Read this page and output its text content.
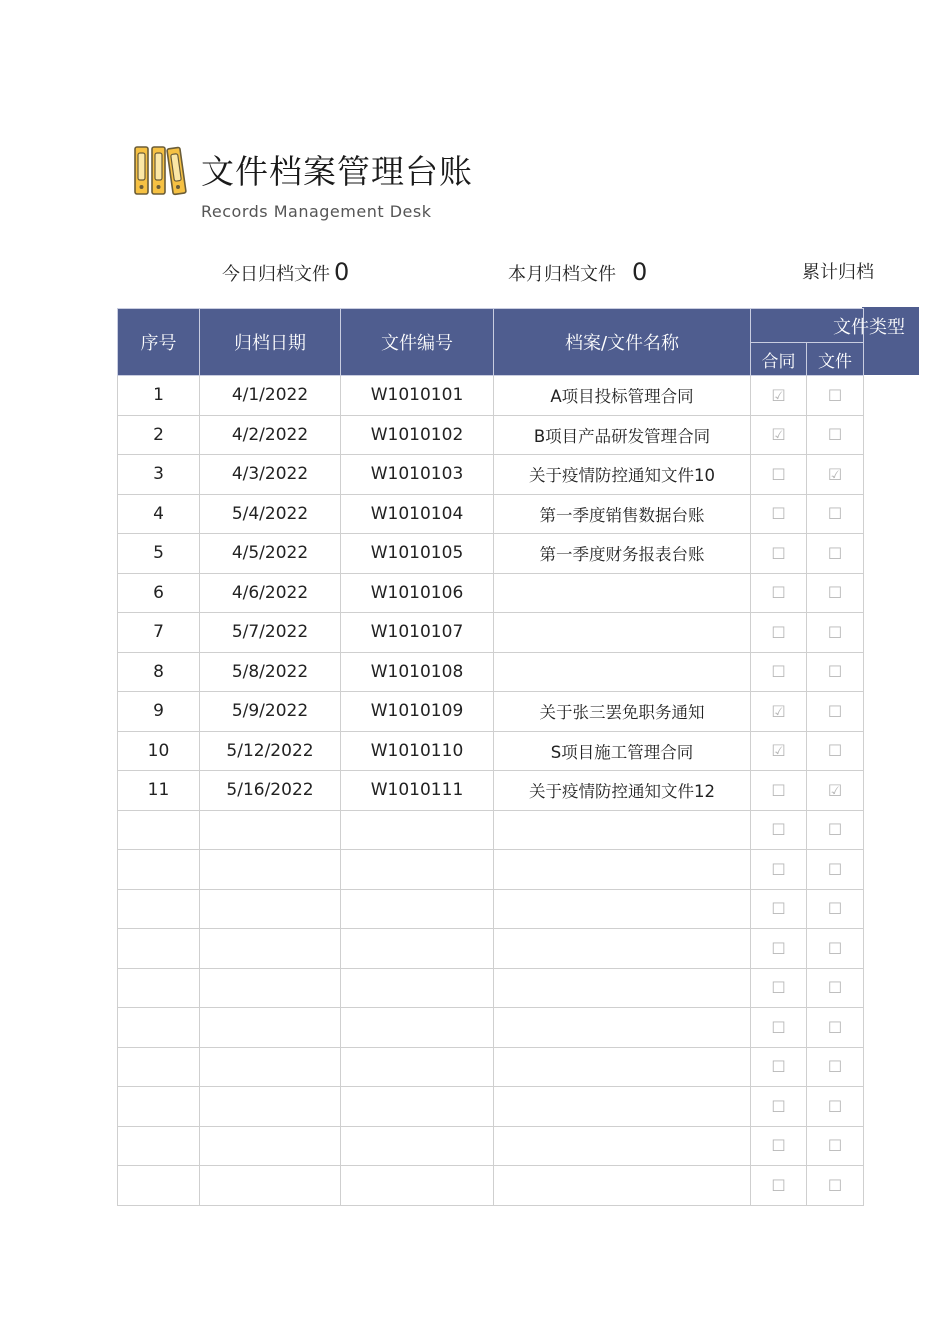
文件档案管理台账
Records Management Desk
今日归档文件 0	本月归档文件 0	累计归档
序号	归档日期	文件编号	档案/文件名称	文件类型	
				合同	文件
1	4/1/2022	W1010101	A项目投标管理合同	☑	☐
2	4/2/2022	W1010102	B项目产品研发管理合同	☑	☐
3	4/3/2022	W1010103	关于疫情防控通知文件10	☐	☑
4	5/4/2022	W1010104	第一季度销售数据台账	☐	☐
5	4/5/2022	W1010105	第一季度财务报表台账	☐	☐
6	4/6/2022	W1010106		☐	☐
7	5/7/2022	W1010107		☐	☐
8	5/8/2022	W1010108		☐	☐
9	5/9/2022	W1010109	关于张三罢免职务通知	☑	☐
10	5/12/2022	W1010110	S项目施工管理合同	☑	☐
11	5/16/2022	W1010111	关于疫情防控通知文件12	☐	☑
				☐	☐
				☐	☐
				☐	☐
				☐	☐
				☐	☐
				☐	☐
				☐	☐
				☐	☐
				☐	☐
				☐	☐
